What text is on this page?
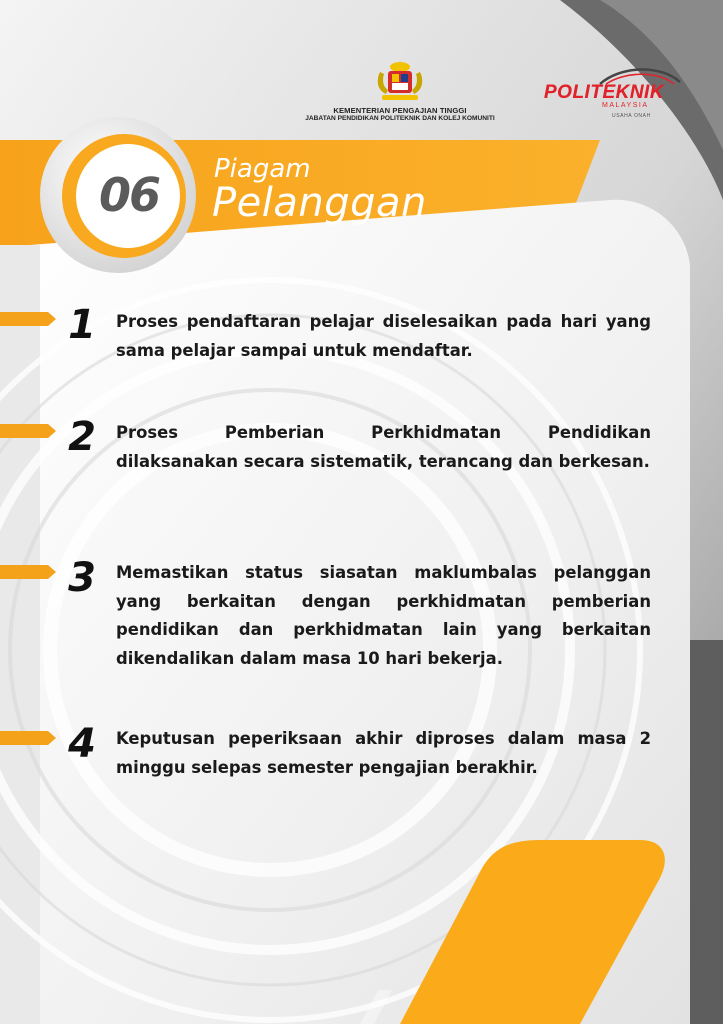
KEMENTERIAN PENGAJIAN TINGGI
JABATAN PENDIDIKAN POLITEKNIK DAN KOLEJ KOMUNITI
POLITEKNIK
MALAYSIA
USAHA ONAH
06	Piagam
Pelanggan
1	Proses pendaftaran pelajar diselesaikan pada hari yang sama pelajar sampai untuk mendaftar.
2	Proses Pemberian Perkhidmatan Pendidikan dilaksanakan secara sistematik, terancang dan berkesan.
3	Memastikan status siasatan maklumbalas pelanggan yang berkaitan dengan perkhidmatan pemberian pendidikan dan perkhidmatan lain yang berkaitan dikendalikan dalam masa 10 hari bekerja.
4	Keputusan peperiksaan akhir diproses dalam masa 2 minggu selepas semester pengajian berakhir.
